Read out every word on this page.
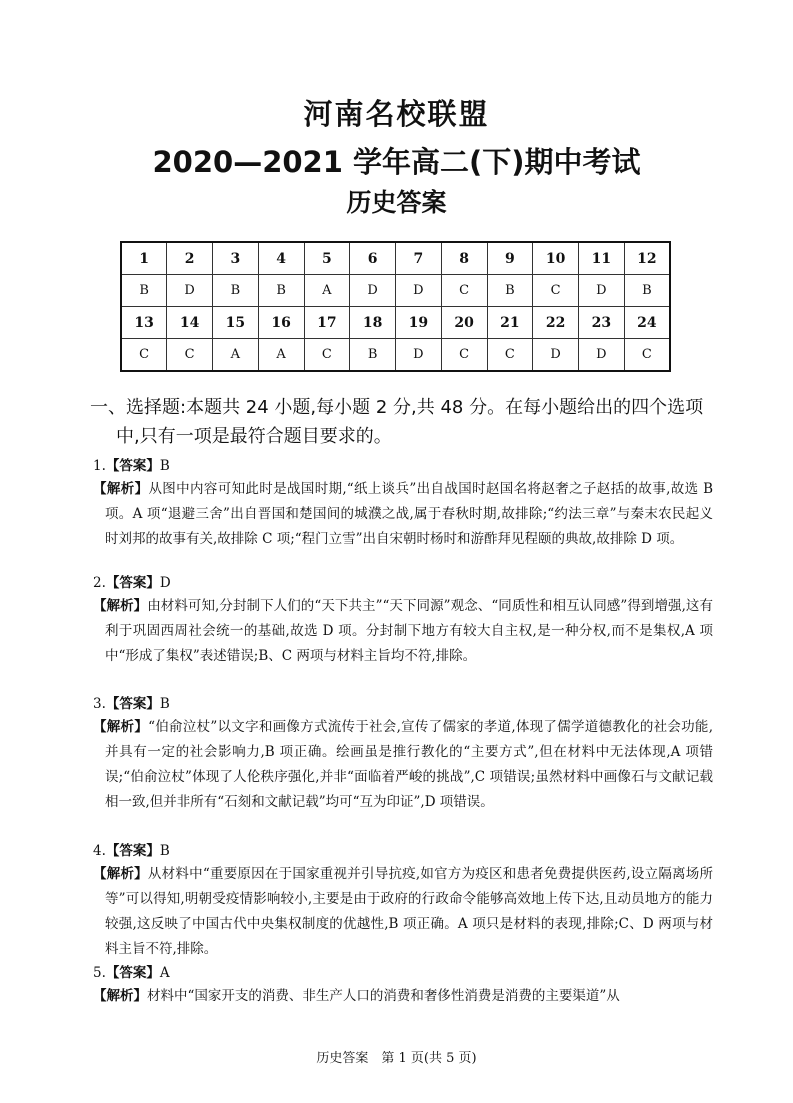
河南名校联盟
2020—2021 学年高二(下)期中考试
历史答案
1	2	3	4	5	6	7	8	9	10	11	12
B	D	B	B	A	D	D	C	B	C	D	B
13	14	15	16	17	18	19	20	21	22	23	24
C	C	A	A	C	B	D	C	C	D	D	C
一、选择题:本题共 24 小题,每小题 2 分,共 48 分。在每小题给出的四个选项
中,只有一项是最符合题目要求的。
1.【答案】B
【解析】从图中内容可知此时是战国时期,“纸上谈兵”出自战国时赵国名将赵奢之子赵括的故事,故选 B 项。A 项“退避三舍”出自晋国和楚国间的城濮之战,属于春秋时期,故排除;“约法三章”与秦末农民起义时刘邦的故事有关,故排除 C 项;“程门立雪”出自宋朝时杨时和游酢拜见程颐的典故,故排除 D 项。
2.【答案】D
【解析】由材料可知,分封制下人们的“天下共主”“天下同源”观念、“同质性和相互认同感”得到增强,这有利于巩固西周社会统一的基础,故选 D 项。分封制下地方有较大自主权,是一种分权,而不是集权,A 项中“形成了集权”表述错误;B、C 两项与材料主旨均不符,排除。
3.【答案】B
【解析】“伯俞泣杖”以文字和画像方式流传于社会,宣传了儒家的孝道,体现了儒学道德教化的社会功能,并具有一定的社会影响力,B 项正确。绘画虽是推行教化的“主要方式”,但在材料中无法体现,A 项错误;“伯俞泣杖”体现了人伦秩序强化,并非“面临着严峻的挑战”,C 项错误;虽然材料中画像石与文献记载相一致,但并非所有“石刻和文献记载”均可“互为印证”,D 项错误。
4.【答案】B
【解析】从材料中“重要原因在于国家重视并引导抗疫,如官方为疫区和患者免费提供医药,设立隔离场所等”可以得知,明朝受疫情影响较小,主要是由于政府的行政命令能够高效地上传下达,且动员地方的能力较强,这反映了中国古代中央集权制度的优越性,B 项正确。A 项只是材料的表现,排除;C、D 两项与材料主旨不符,排除。
5.【答案】A
【解析】材料中“国家开支的消费、非生产人口的消费和奢侈性消费是消费的主要渠道”从
历史答案　第 1 页(共 5 页)
